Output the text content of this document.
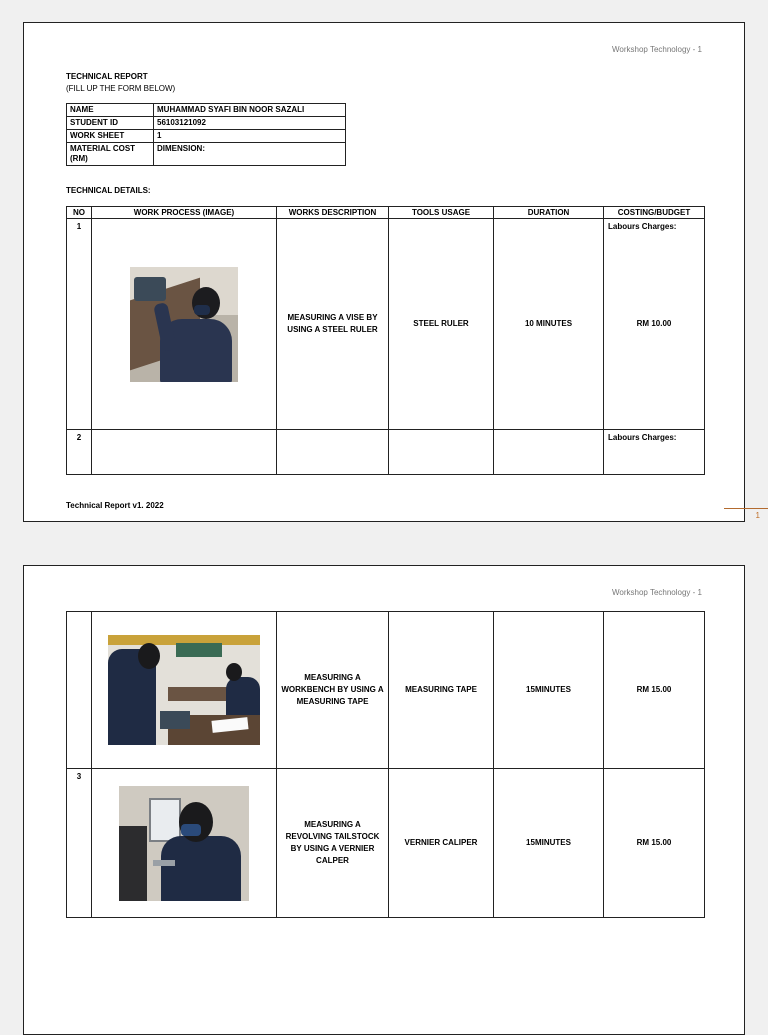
Workshop Technology - 1
TECHNICAL REPORT
(FILL UP THE FORM BELOW)
NAME	MUHAMMAD SYAFI BIN NOOR SAZALI
STUDENT ID	56103121092
WORK SHEET	1
MATERIAL COST (RM)	DIMENSION:
TECHNICAL DETAILS:
NO	WORK PROCESS (IMAGE)	WORKS DESCRIPTION	TOOLS USAGE	DURATION	COSTING/BUDGET
1		MEASURING A VISE BY USING A STEEL RULER	STEEL RULER	10 MINUTES	Labours Charges:
RM 10.00
2					Labours Charges:
Technical Report v1. 2022
1
Workshop Technology - 1

	MEASURING A WORKBENCH BY USING A MEASURING TAPE	MEASURING TAPE	15MINUTES	RM 15.00
3		MEASURING A REVOLVING TAILSTOCK BY USING A VERNIER CALPER	VERNIER CALIPER	15MINUTES	RM 15.00
